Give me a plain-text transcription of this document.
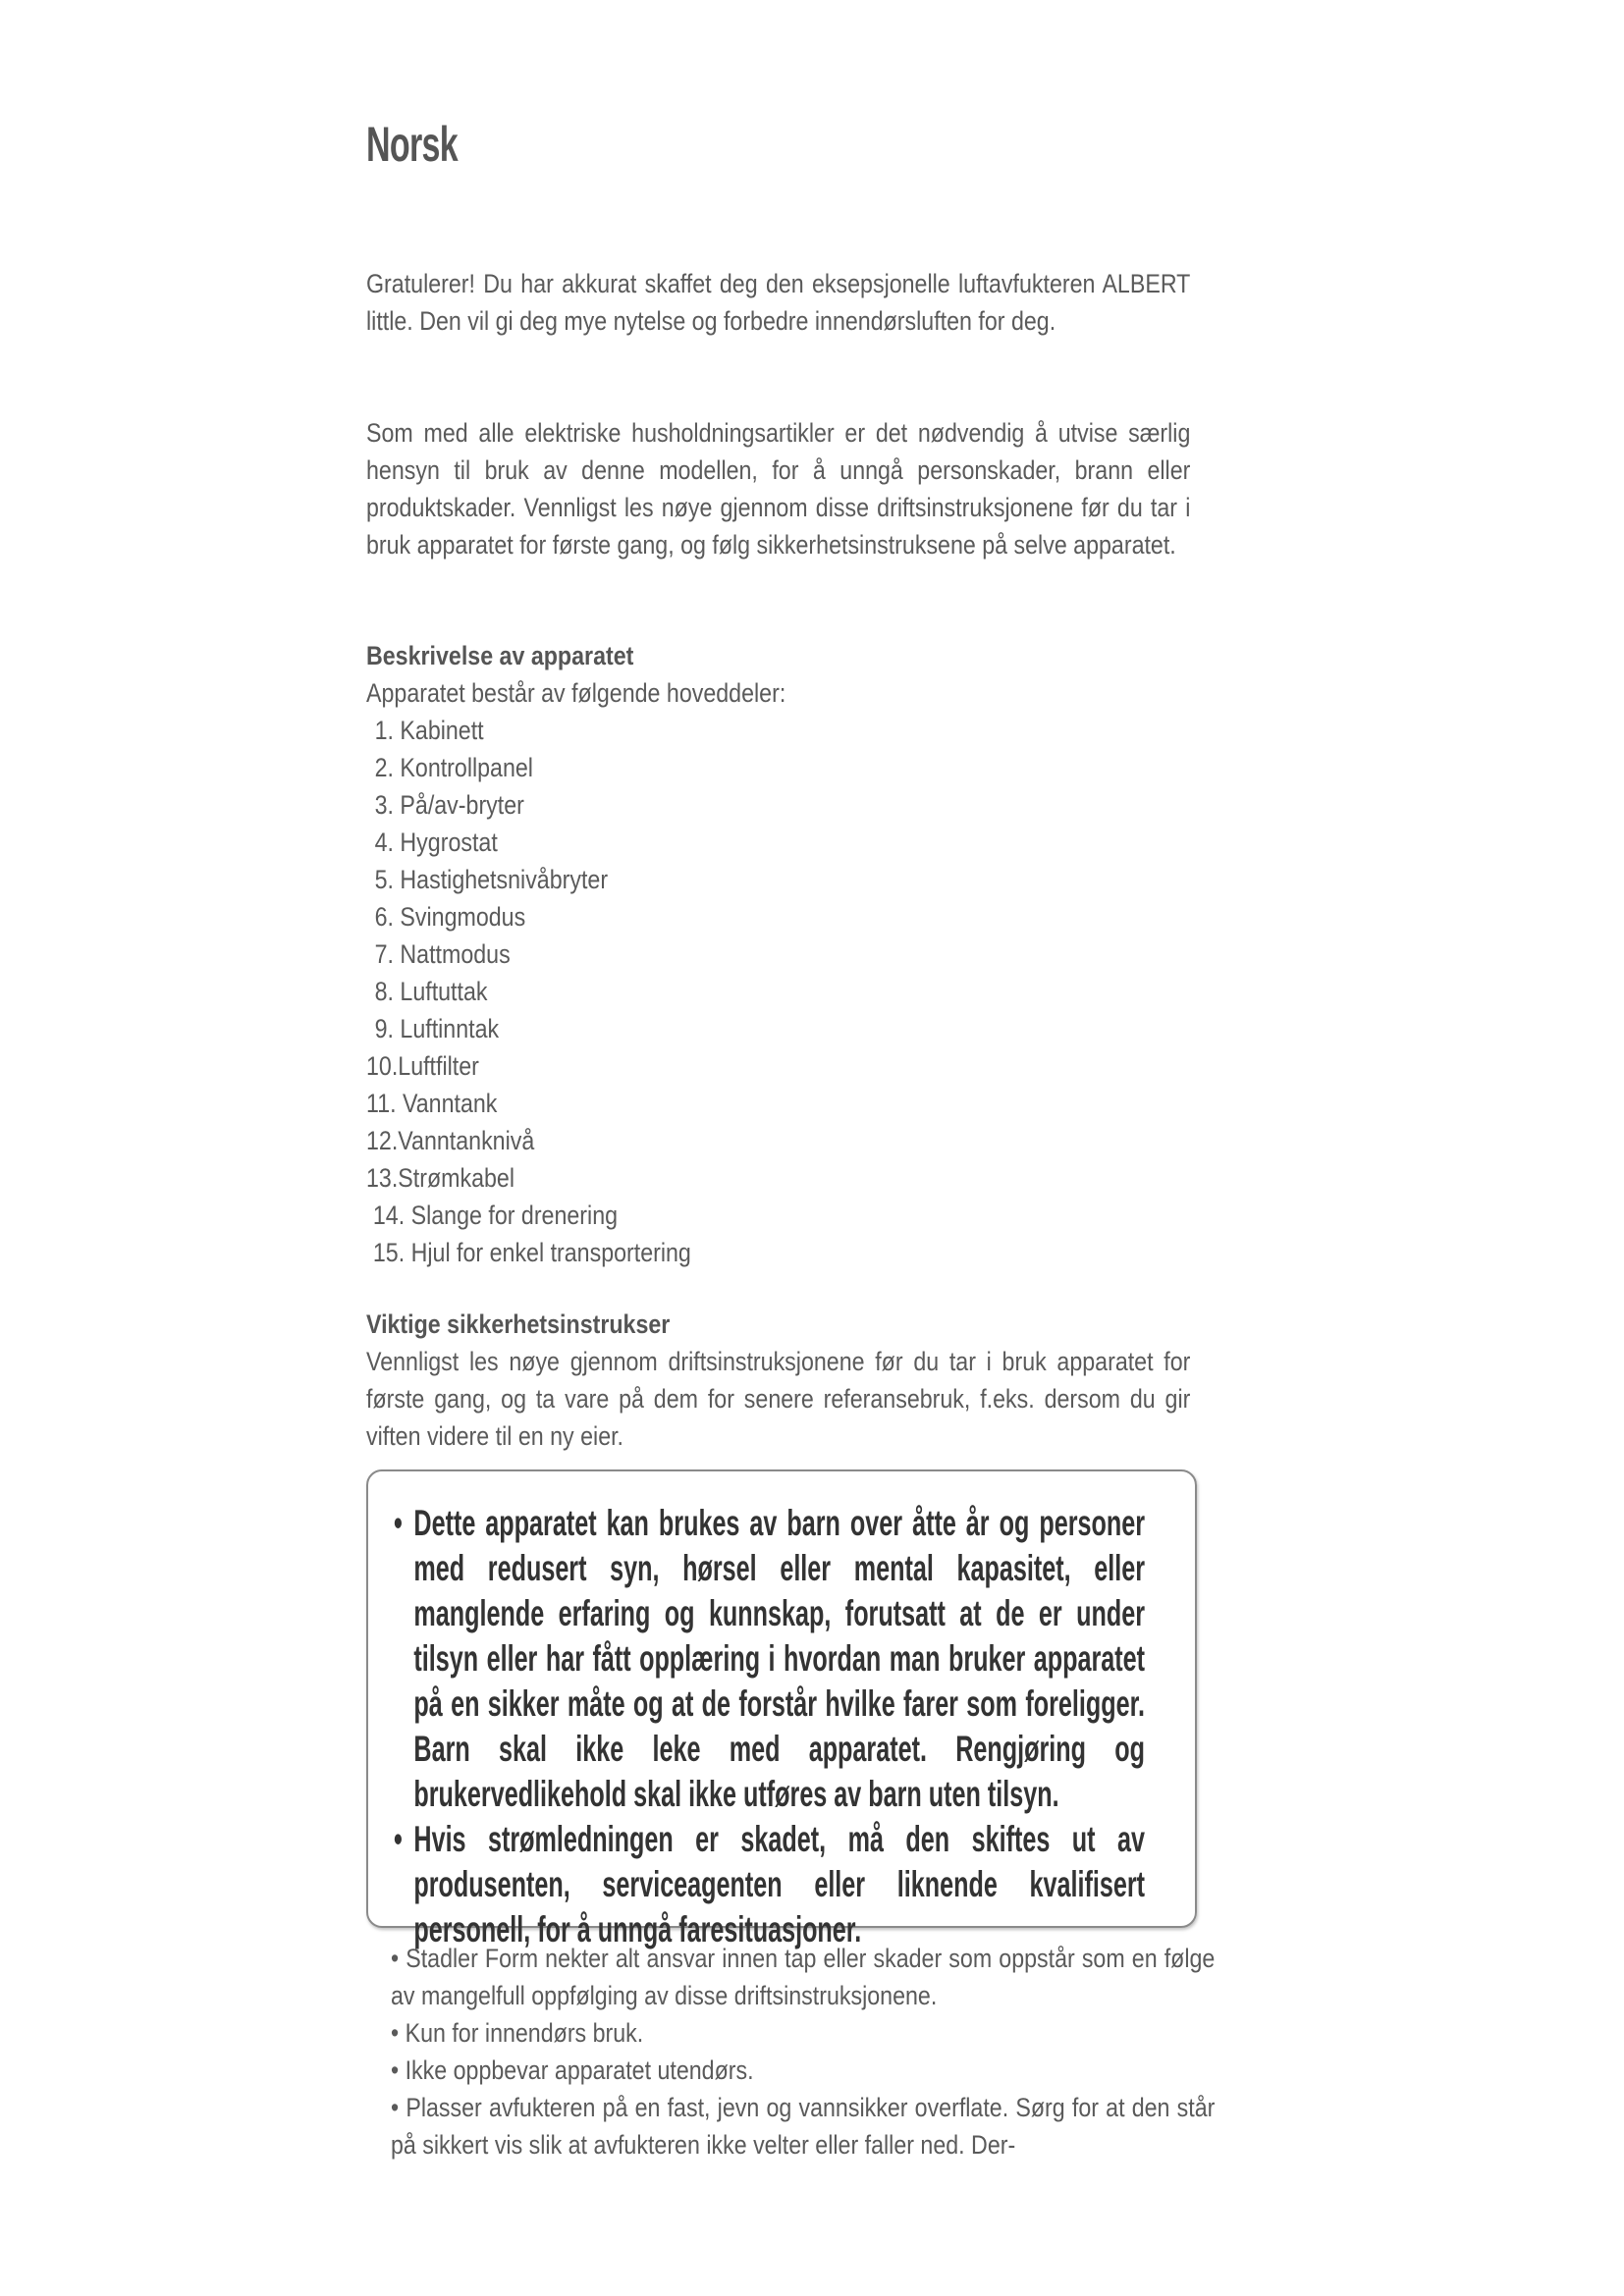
Norsk

Gratulerer! Du har akkurat skaffet deg den eksepsjonelle luftavfukteren ALBERT little. Den vil gi deg mye nytelse og forbedre innendørsluften for deg.

Som med alle elektriske husholdningsartikler er det nødvendig å utvise særlig hensyn til bruk av denne modellen, for å unngå personskader, brann eller produktskader. Vennligst les nøye gjennom disse driftsinstruksjonene før du tar i bruk apparatet for første gang, og følg sikkerhetsinstruksene på selve apparatet.

Beskrivelse av apparatet
Apparatet består av følgende hoveddeler:
1. Kabinett
2. Kontrollpanel
3. På/av-bryter
4. Hygrostat
5. Hastighetsnivåbryter
6. Svingmodus
7. Nattmodus
8. Luftuttak
9. Luftinntak
10.Luftfilter
11. Vanntank
12.Vanntanknivå
13.Strømkabel
14. Slange for drenering
15. Hjul for enkel transportering
Viktige sikkerhetsinstrukser

Vennligst les nøye gjennom driftsinstruksjonene før du tar i bruk apparatet for første gang, og ta vare på dem for senere referansebruk, f.eks. dersom du gir viften videre til en ny eier.

• Dette apparatet kan brukes av barn over åtte år og personer med redusert syn, hørsel eller mental kapasitet, eller manglende erfaring og kunnskap, forutsatt at de er under tilsyn eller har fått opplæring i hvordan man bruker apparatet på en sikker måte og at de forstår hvilke farer som foreligger. Barn skal ikke leke med apparatet. Rengjøring og brukervedlikehold skal ikke utføres av barn uten tilsyn.
• Hvis strømledningen er skadet, må den skiftes ut av produsenten, serviceagenten eller liknende kvalifisert personell, for å unngå faresituasjoner.
• Stadler Form nekter alt ansvar innen tap eller skader som oppstår som en følge av mangelfull oppfølging av disse driftsinstruksjonene.
• Kun for innendørs bruk.
• Ikke oppbevar apparatet utendørs.
• Plasser avfukteren på en fast, jevn og vannsikker overflate. Sørg for at den står på sikkert vis slik at avfukteren ikke velter eller faller ned. Der-
